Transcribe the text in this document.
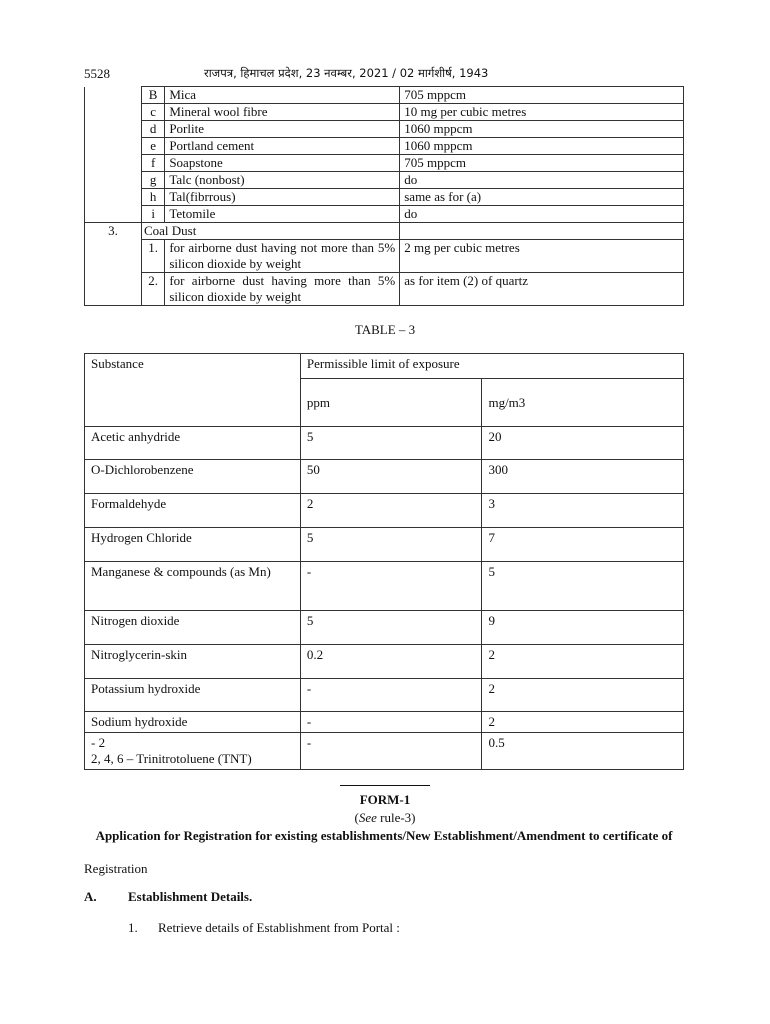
5528	राजपत्र, हिमाचल प्रदेश, 23 नवम्बर, 2021 / 02 मार्गशीर्ष, 1943
	B	Mica	705 mppcm
	c	Mineral wool fibre	10 mg per cubic metres
	d	Porlite	1060 mppcm
	e	Portland cement	1060 mppcm
	f	Soapstone	705 mppcm
	g	Talc (nonbost)	do
	h	Tal(fibrrous)	same as for (a)
	i	Tetomile	do
3.	Coal Dust		
	1.	for airborne dust having not more than 5% silicon dioxide by weight	2 mg per cubic metres
	2.	for airborne dust having more than 5% silicon dioxide by weight	as for item (2) of quartz
TABLE – 3
Substance	Permissible limit of exposure	
	ppm	mg/m3
Acetic anhydride	5	20
O-Dichlorobenzene	50	300
Formaldehyde	2	3
Hydrogen Chloride	5	7
Manganese & compounds (as Mn)	-	5
Nitrogen dioxide	5	9
Nitroglycerin-skin	0.2	2
Potassium hydroxide	-	2
Sodium hydroxide	-	2

- 2
2, 4, 6 – Trinitrotoluene (TNT)	-	0.5
FORM-1
(See rule-3)
Application for Registration for existing establishments/New Establishment/Amendment to certificate of
Registration
A. Establishment Details.
1. Retrieve details of Establishment from Portal :
